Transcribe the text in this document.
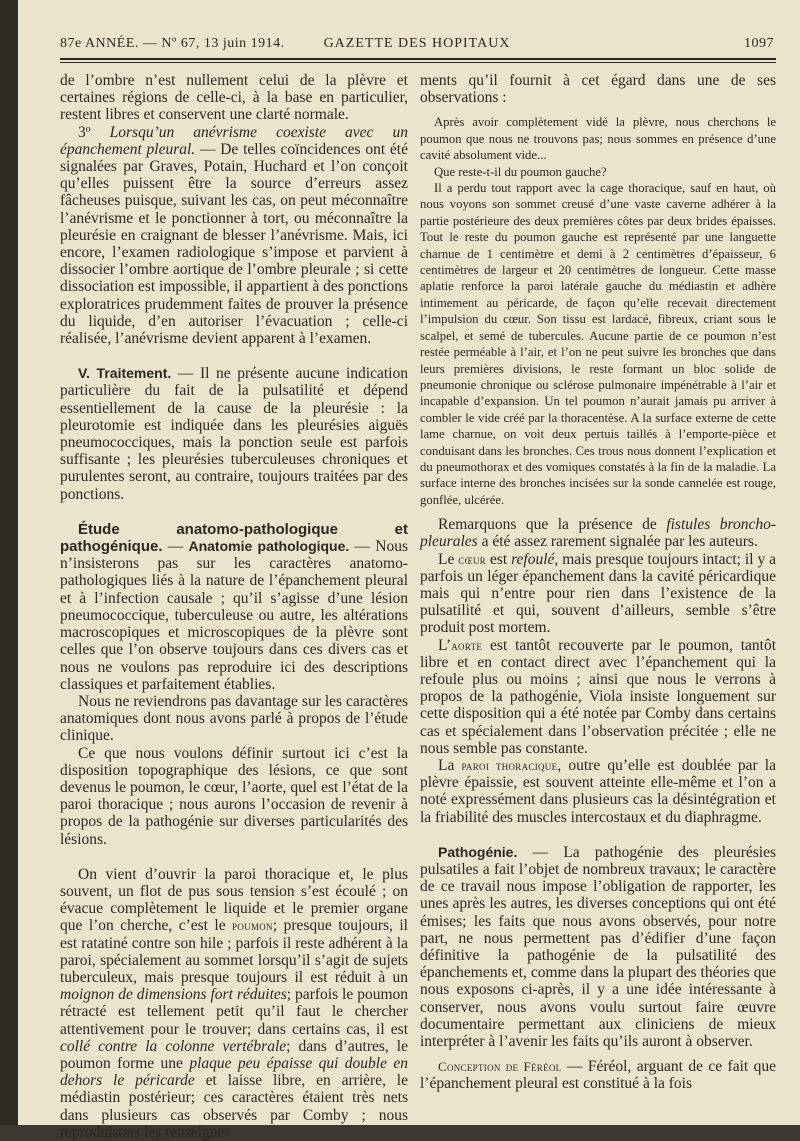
87e ANNÉE. — Nº 67, 13 juin 1914.	GAZETTE DES HOPITAUX	1097

de l’ombre n’est nullement celui de la plèvre et certaines régions de celle-ci, à la base en particulier, restent libres et conservent une clarté normale.

3º Lorsqu’un anévrisme coexiste avec un épanchement pleural. — De telles coïncidences ont été signalées par Graves, Potain, Huchard et l’on conçoit qu’elles puissent être la source d’erreurs assez fâcheuses puisque, suivant les cas, on peut méconnaître l’anévrisme et le ponctionner à tort, ou méconnaître la pleurésie en craignant de blesser l’anévrisme. Mais, ici encore, l’examen radiologique s’impose et parvient à dissocier l’ombre aortique de l’ombre pleurale ; si cette dissociation est impossible, il appartient à des ponctions exploratrices prudemment faites de prouver la présence du liquide, d’en autoriser l’évacuation ; celle-ci réalisée, l’anévrisme devient apparent à l’examen.

V. Traitement. — Il ne présente aucune indication particulière du fait de la pulsatilité et dépend essentiellement de la cause de la pleurésie : la pleurotomie est indiquée dans les pleurésies aiguës pneumococciques, mais la ponction seule est parfois suffisante ; les pleurésies tuberculeuses chroniques et purulentes seront, au contraire, toujours traitées par des ponctions.

Étude anatomo-pathologique et pathogénique. — Anatomie pathologique. — Nous n’insisterons pas sur les caractères anatomo-pathologiques liés à la nature de l’épanchement pleural et à l’infection causale ; qu’il s’agisse d’une lésion pneumococcique, tuberculeuse ou autre, les altérations macroscopiques et microscopiques de la plèvre sont celles que l’on observe toujours dans ces divers cas et nous ne voulons pas reproduire ici des descriptions classiques et parfaitement établies.

Nous ne reviendrons pas davantage sur les caractères anatomiques dont nous avons parlé à propos de l’étude clinique.

Ce que nous voulons définir surtout ici c’est la disposition topographique des lésions, ce que sont devenus le poumon, le cœur, l’aorte, quel est l’état de la paroi thoracique ; nous aurons l’occasion de revenir à propos de la pathogénie sur diverses particularités des lésions.

On vient d’ouvrir la paroi thoracique et, le plus souvent, un flot de pus sous tension s’est écoulé ; on évacue complètement le liquide et le premier organe que l’on cherche, c’est le poumon; presque toujours, il est ratatiné contre son hile ; parfois il reste adhérent à la paroi, spécialement au sommet lorsqu’il s’agit de sujets tuberculeux, mais presque toujours il est réduit à un moignon de dimensions fort réduites; parfois le poumon rétracté est tellement petit qu’il faut le chercher attentivement pour le trouver; dans certains cas, il est collé contre la colonne vertébrale; dans d’autres, le poumon forme une plaque peu épaisse qui double en dehors le péricarde et laisse libre, en arrière, le médiastin postérieur; ces caractères étaient très nets dans plusieurs cas observés par Comby ; nous reproduisons les renseigne-

ments qu’il fournit à cet égard dans une de ses observations :

Après avoir complètement vidé la plèvre, nous cherchons le poumon que nous ne trouvons pas; nous sommes en présence d’une cavité absolument vide...

Que reste-t-il du poumon gauche?

Il a perdu tout rapport avec la cage thoracique, sauf en haut, où nous voyons son sommet creusé d’une vaste caverne adhérer à la partie postérieure des deux premières côtes par deux brides épaisses. Tout le reste du poumon gauche est représenté par une languette charnue de 1 centimètre et demi à 2 centimètres d’épaisseur, 6 centimètres de largeur et 20 centimètres de longueur. Cette masse aplatie renforce la paroi latérale gauche du médiastin et adhère intimement au péricarde, de façon qu’elle recevait directement l’impulsion du cœur. Son tissu est lardacé, fibreux, criant sous le scalpel, et semé de tubercules. Aucune partie de ce poumon n’est restée perméable à l’air, et l’on ne peut suivre les bronches que dans leurs premières divisions, le reste formant un bloc solide de pneumonie chronique ou sclérose pulmonaire impénétrable à l’air et incapable d’expansion. Un tel poumon n’aurait jamais pu arriver à combler le vide créé par la thoracentèse. A la surface externe de cette lame charnue, on voit deux pertuis taillés à l’emporte-pièce et conduisant dans les bronches. Ces trous nous donnent l’explication et du pneumothorax et des vomiques constatés à la fin de la maladie. La surface interne des bronches incisées sur la sonde cannelée est rouge, gonflée, ulcérée.

Remarquons que la présence de fistules broncho-pleurales a été assez rarement signalée par les auteurs.

Le cœur est refoulé, mais presque toujours intact; il y a parfois un léger épanchement dans la cavité péricardique mais qui n’entre pour rien dans l’existence de la pulsatilité et qui, souvent d’ailleurs, semble s’être produit post mortem.

L’aorte est tantôt recouverte par le poumon, tantôt libre et en contact direct avec l’épanchement qui la refoule plus ou moins ; ainsi que nous le verrons à propos de la pathogénie, Viola insiste longuement sur cette disposition qui a été notée par Comby dans certains cas et spécialement dans l’observation précitée ; elle ne nous semble pas constante.

La paroi thoracique, outre qu’elle est doublée par la plèvre épaissie, est souvent atteinte elle-même et l’on a noté expressément dans plusieurs cas la désintégration et la friabilité des muscles intercostaux et du diaphragme.

Pathogénie. — La pathogénie des pleurésies pulsatiles a fait l’objet de nombreux travaux; le caractère de ce travail nous impose l’obligation de rapporter, les unes après les autres, les diverses conceptions qui ont été émises; les faits que nous avons observés, pour notre part, ne nous permettent pas d’édifier d’une façon définitive la pathogénie de la pulsatilité des épanchements et, comme dans la plupart des théories que nous exposons ci-après, il y a une idée intéressante à conserver, nous avons voulu surtout faire œuvre documentaire permettant aux cliniciens de mieux interpréter à l’avenir les faits qu’ils auront à observer.

Conception de Féréol — Féréol, arguant de ce fait que l’épanchement pleural est constitué à la fois
